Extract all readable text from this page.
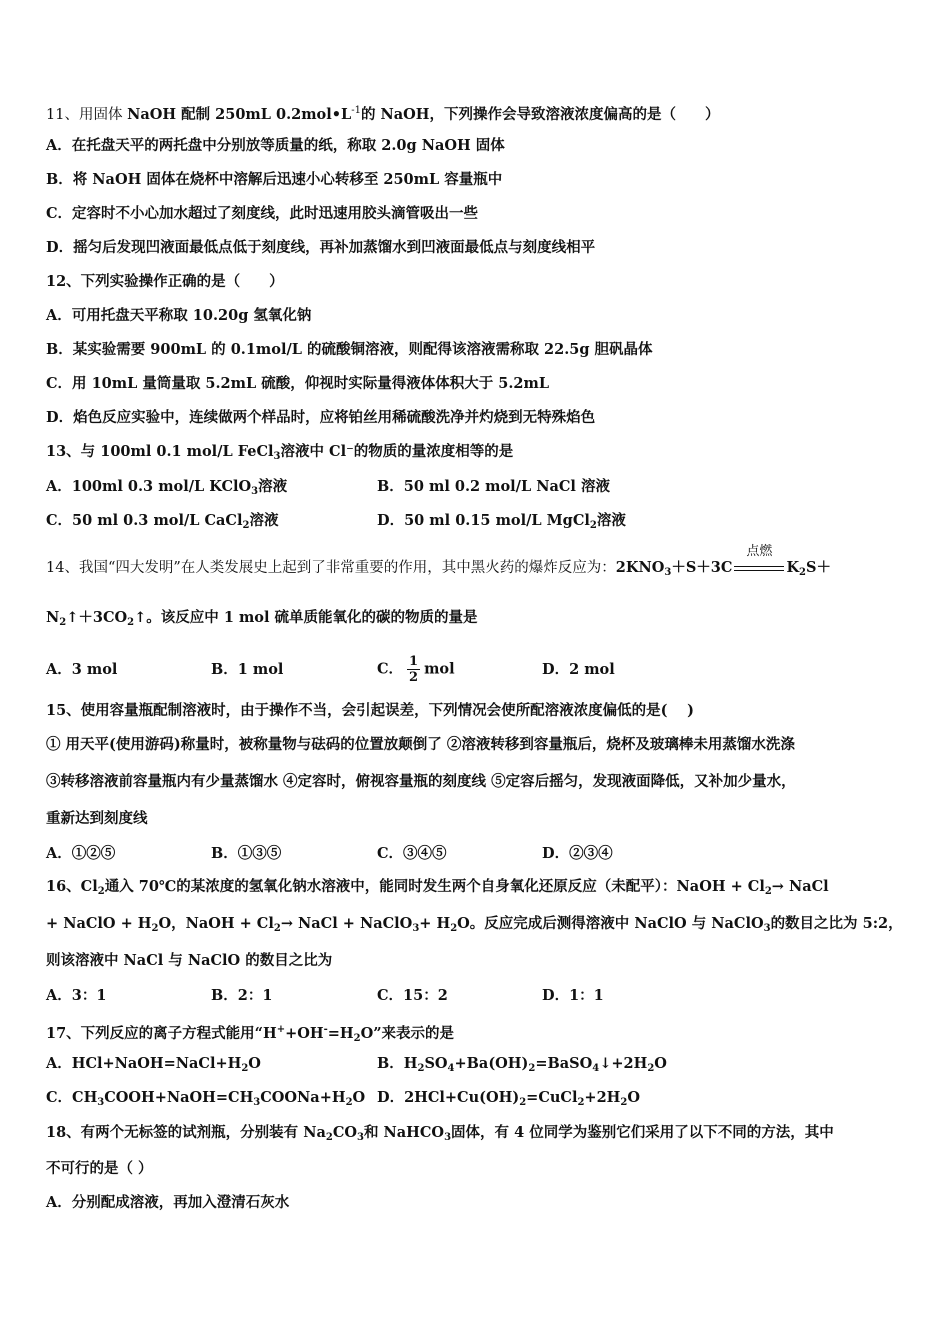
11、用固体 NaOH 配制 250mL $0.2mol•L^{-1}$的 NaOH，下列操作会导致溶液浓度偏高的是（　　）
A．在托盘天平的两托盘中分别放等质量的纸，称取 2.0g NaOH 固体
B．将 NaOH 固体在烧杯中溶解后迅速小心转移至 250mL 容量瓶中
C．定容时不小心加水超过了刻度线，此时迅速用胶头滴管吸出一些
D．摇匀后发现凹液面最低点低于刻度线，再补加蒸馏水到凹液面最低点与刻度线相平
12、下列实验操作正确的是（　　）
A．可用托盘天平称取 10.20g 氢氧化钠
B．某实验需要 900mL 的 0.1mol/L 的硫酸铜溶液，则配得该溶液需称取 22.5g 胆矾晶体
C．用 10mL 量筒量取 5.2mL 硫酸，仰视时实际量得液体体积大于 5.2mL
D．焰色反应实验中，连续做两个样品时，应将铂丝用稀硫酸洗净并灼烧到无特殊焰色
13、与 100ml 0.1 mol/L FeCl$_3$溶液中 Cl⁻的物质的量浓度相等的是
A．100ml 0.3 mol/L KClO$_3$溶液	B．50 ml 0.2 mol/L NaCl 溶液
C．50 ml 0.3 mol/L CaCl$_2$溶液	D．50 ml 0.15 mol/L MgCl$_2$溶液
14、我国“四大发明”在人类发展史上起到了非常重要的作用，其中黑火药的爆炸反应为：$2KNO_3+S+3C$
点燃
$K_2S+$
$N_2↑+3CO_2↑$。该反应中 1 mol 硫单质能氧化的碳的物质的量是
A．3 mol	B．1 mol	C． $\frac{1}{2}$ mol	D．2 mol
15、使用容量瓶配制溶液时，由于操作不当，会引起误差，下列情况会使所配溶液浓度偏低的是(　 )
① 用天平(使用游码)称量时，被称量物与砝码的位置放颠倒了 ②溶液转移到容量瓶后，烧杯及玻璃棒未用蒸馏水洗涤
③转移溶液前容量瓶内有少量蒸馏水 ④定容时，俯视容量瓶的刻度线 ⑤定容后摇匀，发现液面降低，又补加少量水，
重新达到刻度线
A．①②⑤	B．①③⑤	C．③④⑤	D．②③④
16、$Cl_2$通入 70℃的某浓度的氢氧化钠水溶液中，能同时发生两个自身氧化还原反应（未配平）：NaOH + $Cl_2\to$ NaCl
+ NaClO + $H_2O$，NaOH + $Cl_2\to$ NaCl + NaClO$_3$+ $H_2O$。反应完成后测得溶液中 NaClO 与 NaClO$_3$的数目之比为 5:2，
则该溶液中 NaCl 与 NaClO 的数目之比为
A．3：1	B．2：1	C．15：2	D．1：1
17、下列反应的离子方程式能用“$H^++OH^-=H_2O$”来表示的是
A．$HCl+NaOH=NaCl+H_2O$	B．$H_2SO_4+Ba(OH)_2=BaSO_4↓+2H_2O$
C．$CH_3COOH+NaOH=CH_3COONa+H_2O$ D．$2HCl+Cu(OH)_2=CuCl_2+2H_2O$
18、有两个无标签的试剂瓶，分别装有 $Na_2CO_3$和 NaHCO$_3$固体，有 4 位同学为鉴别它们采用了以下不同的方法，其中
不可行的是（ ）
A．分别配成溶液，再加入澄清石灰水
